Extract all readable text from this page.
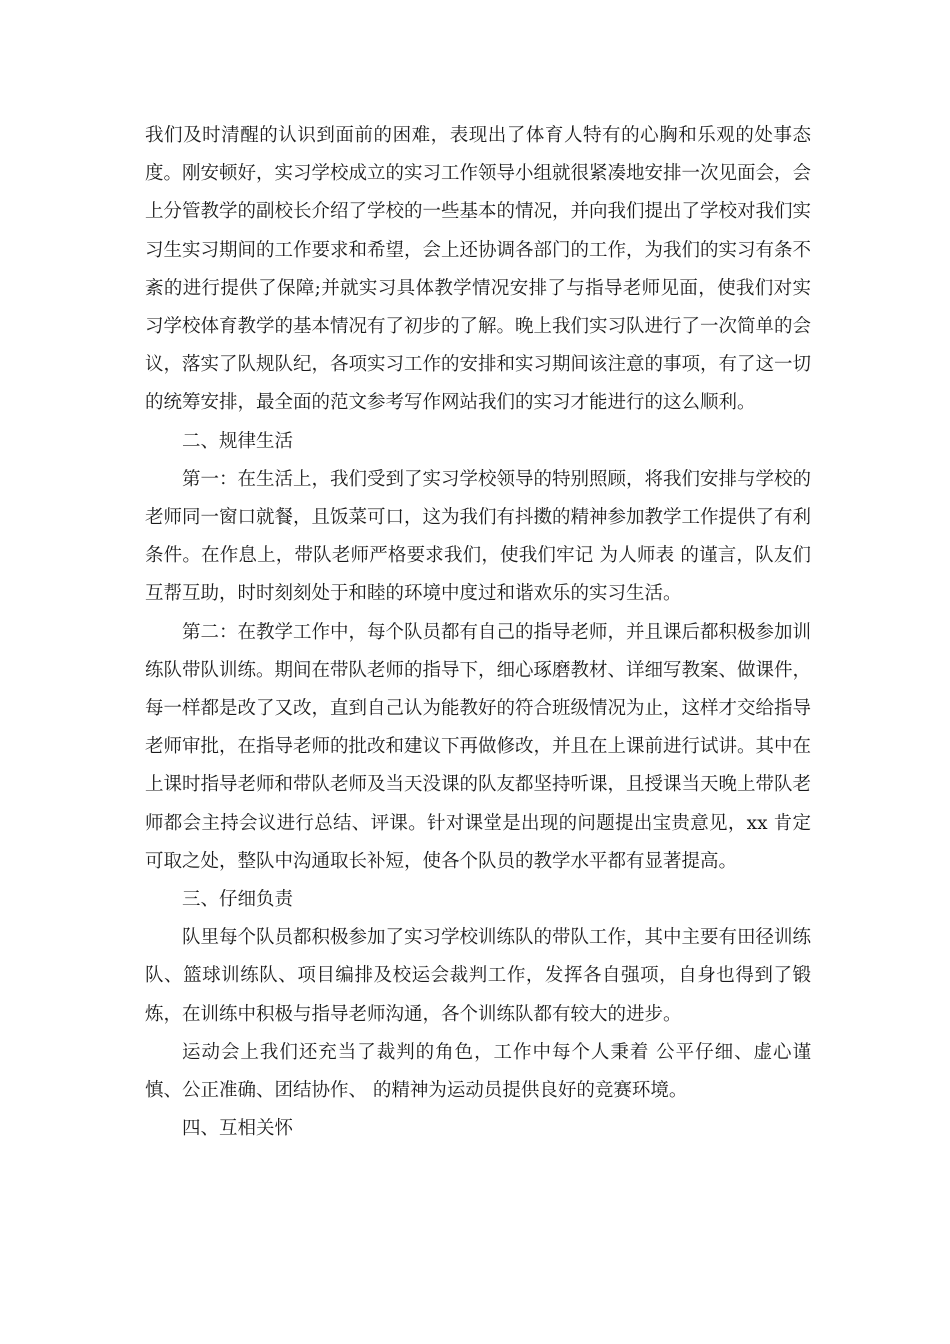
我们及时清醒的认识到面前的困难，表现出了体育人特有的心胸和乐观的处事态度。刚安顿好，实习学校成立的实习工作领导小组就很紧凑地安排一次见面会，会上分管教学的副校长介绍了学校的一些基本的情况，并向我们提出了学校对我们实习生实习期间的工作要求和希望，会上还协调各部门的工作，为我们的实习有条不紊的进行提供了保障;并就实习具体教学情况安排了与指导老师见面，使我们对实习学校体育教学的基本情况有了初步的了解。晚上我们实习队进行了一次简单的会议，落实了队规队纪，各项实习工作的安排和实习期间该注意的事项，有了这一切的统筹安排，最全面的范文参考写作网站我们的实习才能进行的这么顺利。

二、规律生活

第一：在生活上，我们受到了实习学校领导的特别照顾，将我们安排与学校的老师同一窗口就餐，且饭菜可口，这为我们有抖擞的精神参加教学工作提供了有利条件。在作息上，带队老师严格要求我们，使我们牢记 为人师表 的谨言，队友们互帮互助，时时刻刻处于和睦的环境中度过和谐欢乐的实习生活。

第二：在教学工作中，每个队员都有自己的指导老师，并且课后都积极参加训练队带队训练。期间在带队老师的指导下，细心琢磨教材、详细写教案、做课件，每一样都是改了又改，直到自己认为能教好的符合班级情况为止，这样才交给指导老师审批，在指导老师的批改和建议下再做修改，并且在上课前进行试讲。其中在上课时指导老师和带队老师及当天没课的队友都坚持听课，且授课当天晚上带队老师都会主持会议进行总结、评课。针对课堂是出现的问题提出宝贵意见，xx 肯定可取之处，整队中沟通取长补短，使各个队员的教学水平都有显著提高。

三、仔细负责

队里每个队员都积极参加了实习学校训练队的带队工作，其中主要有田径训练队、篮球训练队、项目编排及校运会裁判工作，发挥各自强项，自身也得到了锻炼，在训练中积极与指导老师沟通，各个训练队都有较大的进步。

运动会上我们还充当了裁判的角色，工作中每个人秉着 公平仔细、虚心谨慎、公正准确、团结协作、 的精神为运动员提供良好的竞赛环境。

四、互相关怀
